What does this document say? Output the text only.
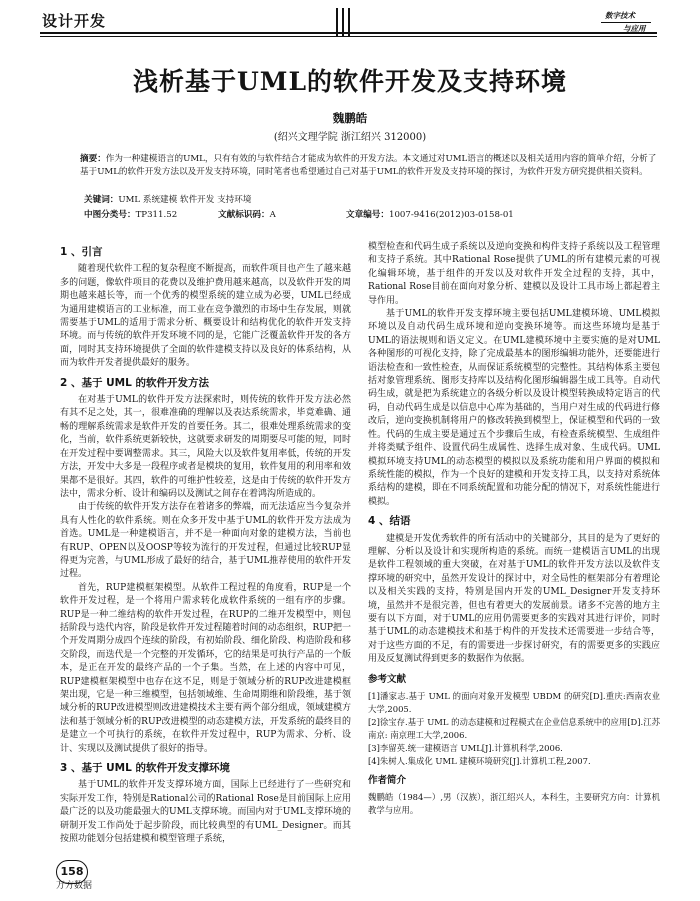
设计开发	数字技术
与应用
浅析基于UML的软件开发及支持环境
魏鹏皓
(绍兴文理学院 浙江绍兴 312000)
摘要：作为一种建模语言的UML，只有有效的与软件结合才能成为软件的开发方法。本文通过对UML语言的概述以及相关适用内容的简单介绍，分析了基于UML的软件开发方法以及开发支持环境，同时笔者也希望通过自己对基于UML的软件开发及支持环境的探讨，为软件开发方研究提供相关资料。
关键词：UML 系统建模 软件开发 支持环境
中图分类号：TP311.52	文献标识码：A	文章编号：1007-9416(2012)03-0158-01
1 、引言

随着现代软件工程的复杂程度不断提高，而软件项目也产生了越来越多的问题，像软件项目的花费以及维护费用越来越高，以及软件开发的周期也越来越长等，而一个优秀的模型系统的建立成为必要，UML已经成为通用建模语言的工业标准，而工业在竞争激烈的市场中生存发展，则就需要基于UML的适用于需求分析、概要设计和结构优化的软件开发支持环境。而与传统的软件开发环境不同的是，它能广泛覆盖软件开发的各方面，同时其支持环境提供了全面的软件建模支持以及良好的体系结构，从而为软件开发者提供最好的服务。

2 、基于 UML 的软件开发方法

在对基于UML的软件开发方法探索时，则传统的软件开发方法必然有其不足之处，其一，很难准确的理解以及表达系统需求，毕竟难确、通畅的理解系统需求是软件开发的首要任务。其二，很难处理系统需求的变化，当前，软件系统更新较快，这就要求研发的周期要尽可能的短，同时在开发过程中要调整需求。其三，风险大以及软件复用率低，传统的开发方法，开发中大多是一段程序或者是模块的复用，软件复用的利用率和效果都不是很好。其四，软件的可维护性较差，这是由于传统的软件开发方法中，需求分析、设计和编码以及测试之间存在着鸿沟所造成的。

由于传统的软件开发方法存在着诸多的弊端，而无法适应当今复杂并具有人性化的软件系统。则在众多开发中基于UML的软件开发方法成为首选。UML是一种建模语言，并不是一种面向对象的建模方法，当前也有RUP、OPEN以及OOSP等较为流行的开发过程，但通过比较RUP显得更为完善，与UML形成了最好的结合，基于UML推荐使用的软件开发过程。

首先，RUP建模框架模型。从软件工程过程的角度看，RUP是一个软件开发过程，是一个将用户需求转化成软件系统的一组有序的步骤。RUP是一种二维结构的软件开发过程，在RUP的二维开发模型中，则包括阶段与迭代内容，阶段是软件开发过程随着时间的动态组织，RUP把一个开发周期分成四个连续的阶段，有初始阶段、细化阶段、构造阶段和移交阶段，而迭代是一个完整的开发循环，它的结果是可执行产品的一个版本，是正在开发的最终产品的一个子集。当然，在上述的内容中可见，RUP建模框架模型中也存在这不足，则是于领域分析的RUP改进建模框架出现，它是一种三维模型，包括领域维、生命周期维和阶段维，基于领域分析的RUP改进模型则改进建模技术主要有两个部分组成，领域建模方法和基于领域分析的RUP改进模型的动态建模方法，开发系统的最终目的是建立一个可执行的系统，在软件开发过程中，RUP为需求、分析、设计、实现以及测试提供了很好的指导。

3 、基于 UML 的软件开发支撑环境

基于UML的软件开发支撑环境方面，国际上已经进行了一些研究和实际开发工作，特别是Rational公司的Rational Rose是目前国际上应用最广泛的以及功能最强大的UML支撑环境。而国内对于UML支撑环境的研制开发工作尚处于起步阶段，而比较典型的有UML_Designer。而其按照功能划分包括建模和模型管理子系统，

模型检查和代码生成子系统以及逆向变换和构件支持子系统以及工程管理和支持子系统。其中Rational Rose提供了UML的所有建模元素的可视化编辑环境，基于组件的开发以及对软件开发全过程的支持，其中，Rational Rose目前在面向对象分析、建模以及设计工具市场上都起着主导作用。

基于UML的软件开发支撑环境主要包括UML建模环境、UML模拟环境以及自动代码生成环境和逆向变换环境等。而这些环境均是基于UML的语法规则和语义定义。在UML建模环境中主要实施的是对UML各种图形的可视化支持，除了完成最基本的图形编辑功能外，还要能进行语法检查和一致性检查，从而保证系统模型的完整性。其结构体系主要包括对象管理系统、图形支持库以及结构化图形编辑器生成工具等。自动代码生成，就是把为系统建立的各级分析以及设计模型转换成特定语言的代码，自动代码生成是以信息中心库为基础的，当用户对生成的代码进行修改后，逆向变换机制将用户的修改转换到模型上，保证模型和代码的一致性。代码的生成主要是通过五个步骤后生成，有检查系统模型、生成组件并将类赋予组件、设置代码生成属性、选择生成对象、生成代码。UML模拟环境支持UML的动态模型的模拟以及系统功能和用户界面的模拟和系统性能的模拟，作为一个良好的建模和开发支持工具，以支持对系统体系结构的建模，即在不同系统配置和功能分配的情况下，对系统性能进行模拟。

4 、结语

建模是开发优秀软件的所有活动中的关键部分，其目的是为了更好的理解、分析以及设计和实现所构造的系统。而统一建模语言UML的出现是软件工程领域的重大突破，在对基于UML的软件开发方法以及软件支撑环境的研究中，虽然开发设计的探讨中，对全局性的框架部分有着理论以及相关实践的支持，特别是国内开发的UML_Designer开发支持环境，虽然并不是很完善，但也有着更大的发展前景。诸多不完善的地方主要有以下方面，对于UML的应用仍需要更多的实践对其进行评价，同时基于UML的动态建模技术和基于构件的开发技术还需要进一步结合等，对于这些方面的不足，有的需要进一步探讨研究，有的需要更多的实践应用及反复测试得到更多的数据作为依据。

参考文献
[1]潘家志.基于 UML 的面向对象开发模型 UBDM 的研究[D].重庆:西南农业大学,2005.
[2]徐宝存.基于 UML 的动态建模和过程模式在企业信息系统中的应用[D].江苏南京: 南京理工大学,2006.
[3]李留英.统一建模语言 UML[J].计算机科学,2006.
[4]朱树人.集成化 UML 建模环境研究[J].计算机工程,2007.
作者简介
魏鹏皓（1984—）,男（汉族），浙江绍兴人，本科生，主要研究方向：计算机教学与应用。
158
万方数据
